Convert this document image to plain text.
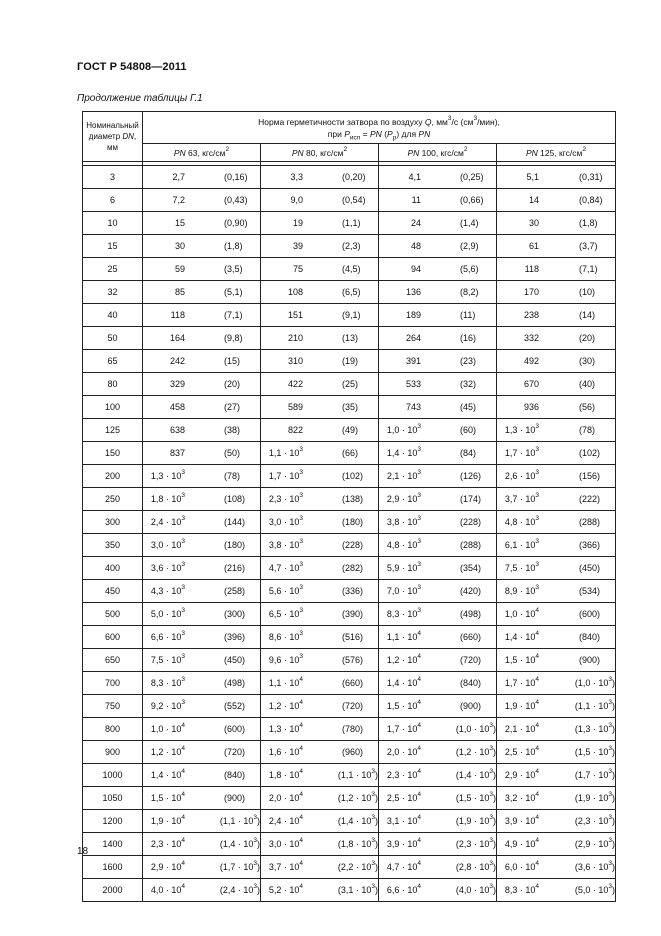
ГОСТ Р 54808—2011
Продолжение таблицы Г.1
Номинальный
диаметр DN,
мм	Норма герметичности затвора по воздуху Q, $мм^3/с$ $(см^3/мин)$,
при $P_{исп}$ = PN $(P_р)$ для PN			
	PN 63, кгс/$см^2$	PN 80, кгс/$см^2$	PN 100, кгс/$см^2$	PN 125, кгс/$см^2$

3	2,7 (0,16)	3,3 (0,20)	4,1 (0,25)	5,1 (0,31)

6	7,2 (0,43)	9,0 (0,54)	11 (0,66)	14 (0,84)

10	15 (0,90)	19 (1,1)	24 (1,4)	30 (1,8)

15	30 (1,8)	39 (2,3)	48 (2,9)	61 (3,7)

25	59 (3,5)	75 (4,5)	94 (5,6)	118 (7,1)

32	85 (5,1)	108 (6,5)	136 (8,2)	170 (10)

40	118 (7,1)	151 (9,1)	189 (11)	238 (14)

50	164 (9,8)	210 (13)	264 (16)	332 (20)

65	242 (15)	310 (19)	391 (23)	492 (30)

80	329 (20)	422 (25)	533 (32)	670 (40)

100	458 (27)	589 (35)	743 (45)	936 (56)

125	638 (38)	822 (49)	$1,0 \cdot 10^3$ (60)	$1,3 \cdot 10^3$ (78)

150	837 (50)	$1,1 \cdot 10^3$ (66)	$1,4 \cdot 10^3$ (84)	$1,7 \cdot 10^3$ (102)

200	$1,3 \cdot 10^3$ (78)	$1,7 \cdot 10^3$ (102)	$2,1 \cdot 10^3$ (126)	$2,6 \cdot 10^3$ (156)

250	$1,8 \cdot 10^3$ (108)	$2,3 \cdot 10^3$ (138)	$2,9 \cdot 10^3$ (174)	$3,7 \cdot 10^3$ (222)

300	$2,4 \cdot 10^3$ (144)	$3,0 \cdot 10^3$ (180)	$3,8 \cdot 10^3$ (228)	$4,8 \cdot 10^3$ (288)

350	$3,0 \cdot 10^3$ (180)	$3,8 \cdot 10^3$ (228)	$4,8 \cdot 10^3$ (288)	$6,1 \cdot 10^3$ (366)

400	$3,6 \cdot 10^3$ (216)	$4,7 \cdot 10^3$ (282)	$5,9 \cdot 10^3$ (354)	$7,5 \cdot 10^3$ (450)

450	$4,3 \cdot 10^3$ (258)	$5,6 \cdot 10^3$ (336)	$7,0 \cdot 10^3$ (420)	$8,9 \cdot 10^3$ (534)

500	$5,0 \cdot 10^3$ (300)	$6,5 \cdot 10^3$ (390)	$8,3 \cdot 10^3$ (498)	$1,0 \cdot 10^4$ (600)

600	$6,6 \cdot 10^3$ (396)	$8,6 \cdot 10^3$ (516)	$1,1 \cdot 10^4$ (660)	$1,4 \cdot 10^4$ (840)

650	$7,5 \cdot 10^3$ (450)	$9,6 \cdot 10^3$ (576)	$1,2 \cdot 10^4$ (720)	$1,5 \cdot 10^4$ (900)

700	$8,3 \cdot 10^3$ (498)	$1,1 \cdot 10^4$ (660)	$1,4 \cdot 10^4$ (840)	$1,7 \cdot 10^4$ $(1,0 \cdot 10^3)$

750	$9,2 \cdot 10^3$ (552)	$1,2 \cdot 10^4$ (720)	$1,5 \cdot 10^4$ (900)	$1,9 \cdot 10^4$ $(1,1 \cdot 10^3)$

800	$1,0 \cdot 10^4$ (600)	$1,3 \cdot 10^4$ (780)	$1,7 \cdot 10^4$ $(1,0 \cdot 10^3)$	$2,1 \cdot 10^4$ $(1,3 \cdot 10^3)$

900	$1,2 \cdot 10^4$ (720)	$1,6 \cdot 10^4$ (960)	$2,0 \cdot 10^4$ $(1,2 \cdot 10^3)$	$2,5 \cdot 10^4$ $(1,5 \cdot 10^3)$

1000	$1,4 \cdot 10^4$ (840)	$1,8 \cdot 10^4$ $(1,1 \cdot 10^3)$	$2,3 \cdot 10^4$ $(1,4 \cdot 10^3)$	$2,9 \cdot 10^4$ $(1,7 \cdot 10^3)$

1050	$1,5 \cdot 10^4$ (900)	$2,0 \cdot 10^4$ $(1,2 \cdot 10^3)$	$2,5 \cdot 10^4$ $(1,5 \cdot 10^3)$	$3,2 \cdot 10^4$ $(1,9 \cdot 10^3)$

1200	$1,9 \cdot 10^4$ $(1,1 \cdot 10^3)$	$2,4 \cdot 10^4$ $(1,4 \cdot 10^3)$	$3,1 \cdot 10^4$ $(1,9 \cdot 10^3)$	$3,9 \cdot 10^4$ $(2,3 \cdot 10^3)$

1400	$2,3 \cdot 10^4$ $(1,4 \cdot 10^3)$	$3,0 \cdot 10^4$ $(1,8 \cdot 10^3)$	$3,9 \cdot 10^4$ $(2,3 \cdot 10^3)$	$4,9 \cdot 10^4$ $(2,9 \cdot 10^3)$

1600	$2,9 \cdot 10^4$ $(1,7 \cdot 10^3)$	$3,7 \cdot 10^4$ $(2,2 \cdot 10^3)$	$4,7 \cdot 10^4$ $(2,8 \cdot 10^3)$	$6,0 \cdot 10^4$ $(3,6 \cdot 10^3)$

2000	$4,0 \cdot 10^4$ $(2,4 \cdot 10^3)$	$5,2 \cdot 10^4$ $(3,1 \cdot 10^3)$	$6,6 \cdot 10^4$ $(4,0 \cdot 10^3)$	$8,3 \cdot 10^4$ $(5,0 \cdot 10^3)$
18
